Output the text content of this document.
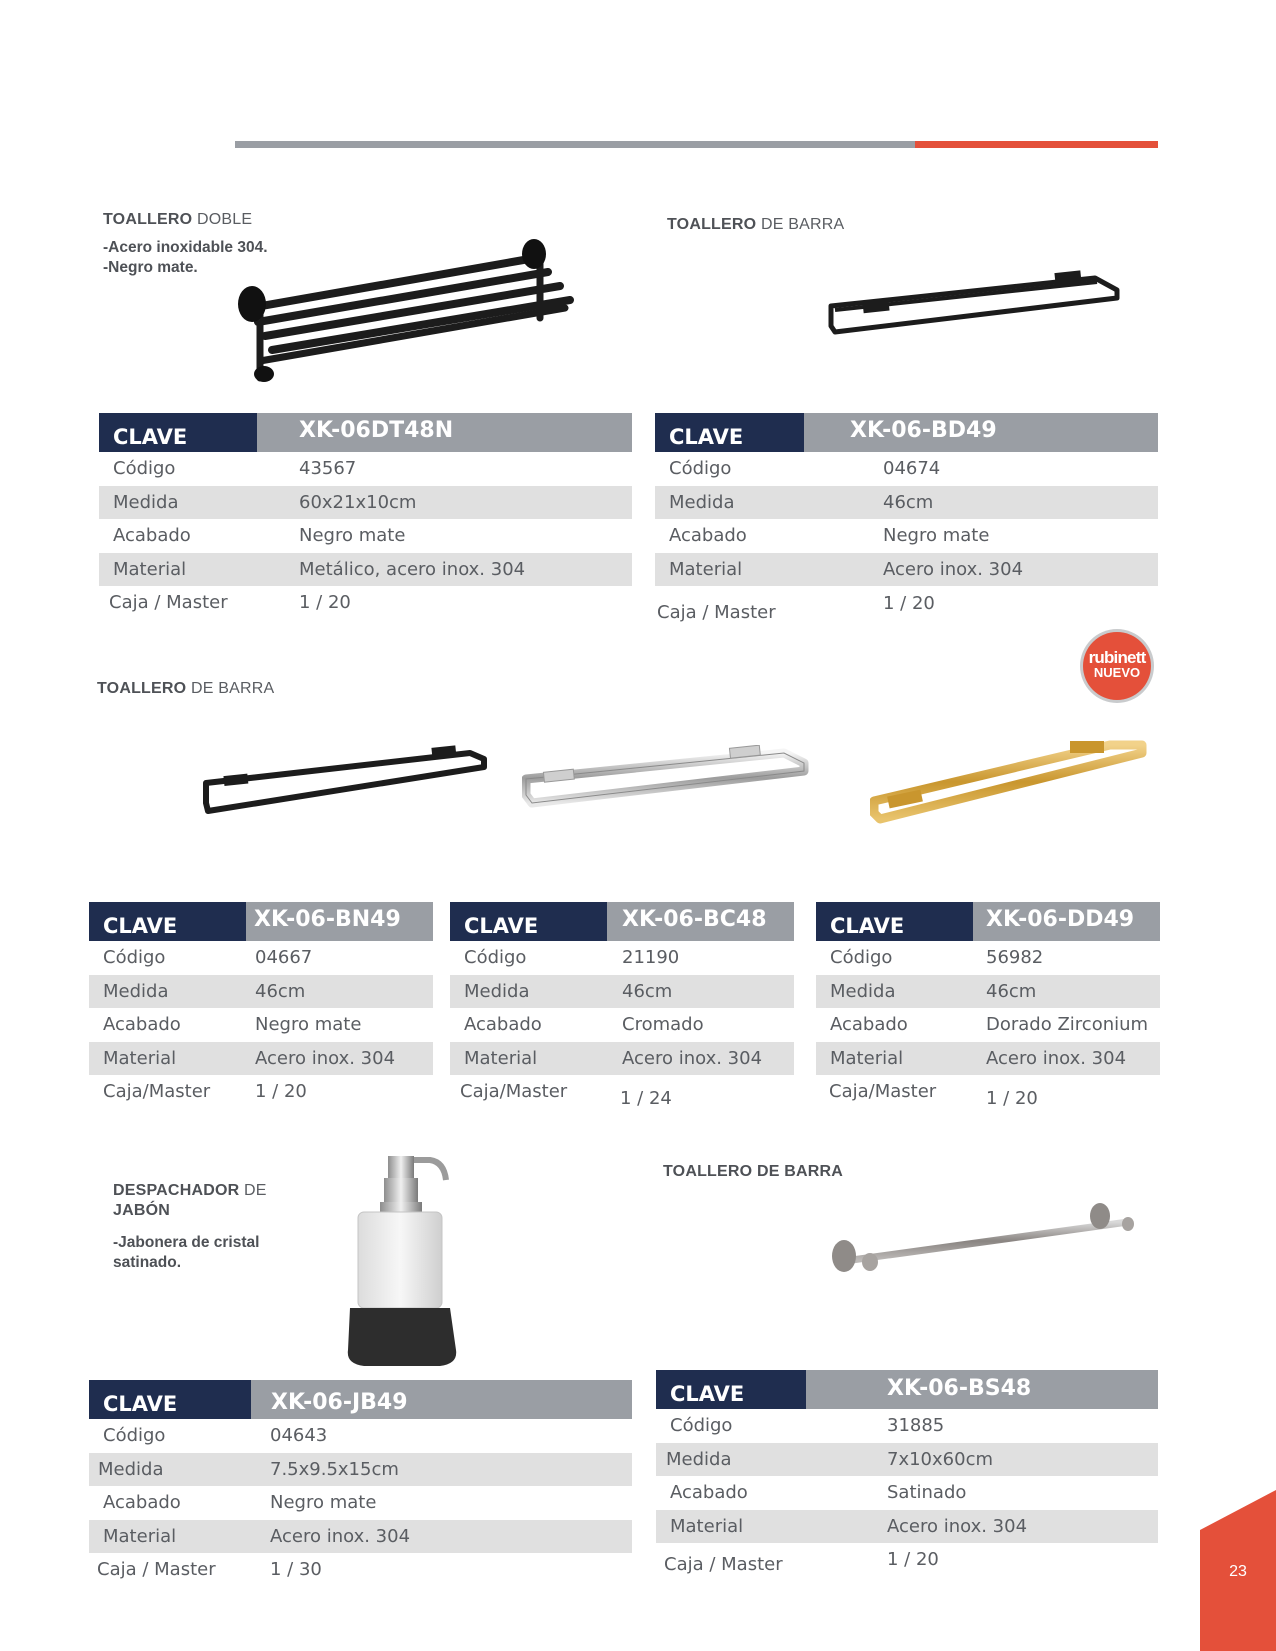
TOALLERO DOBLE
-Acero inoxidable 304.
-Negro mate.
CLAVE	XK-06DT48N
Código	43567
Medida	60x21x10cm
Acabado	Negro mate
Material	Metálico, acero inox. 304
Caja / Master	1 / 20
TOALLERO DE BARRA
CLAVE	XK-06-BD49
Código	04674
Medida	46cm
Acabado	Negro mate
Material	Acero inox. 304
Caja / Master	1 / 20
TOALLERO DE BARRA
rubinett
NUEVO
CLAVE	XK-06-BN49
Código	04667
Medida	46cm
Acabado	Negro mate
Material	Acero inox. 304
Caja/Master	1 / 20
CLAVE	XK-06-BC48
Código	21190
Medida	46cm
Acabado	Cromado
Material	Acero inox. 304
Caja/Master	1 / 24
CLAVE	XK-06-DD49
Código	56982
Medida	46cm
Acabado	Dorado Zirconium
Material	Acero inox. 304
Caja/Master	1 / 20
DESPACHADOR DE
JABÓN
-Jabonera de cristal
satinado.
CLAVE	XK-06-JB49
Código	04643
Medida	7.5x9.5x15cm
Acabado	Negro mate
Material	Acero inox. 304
Caja / Master	1 / 30
TOALLERO DE BARRA
CLAVE	XK-06-BS48
Código	31885
Medida	7x10x60cm
Acabado	Satinado
Material	Acero inox. 304
Caja / Master	1 / 20
23
